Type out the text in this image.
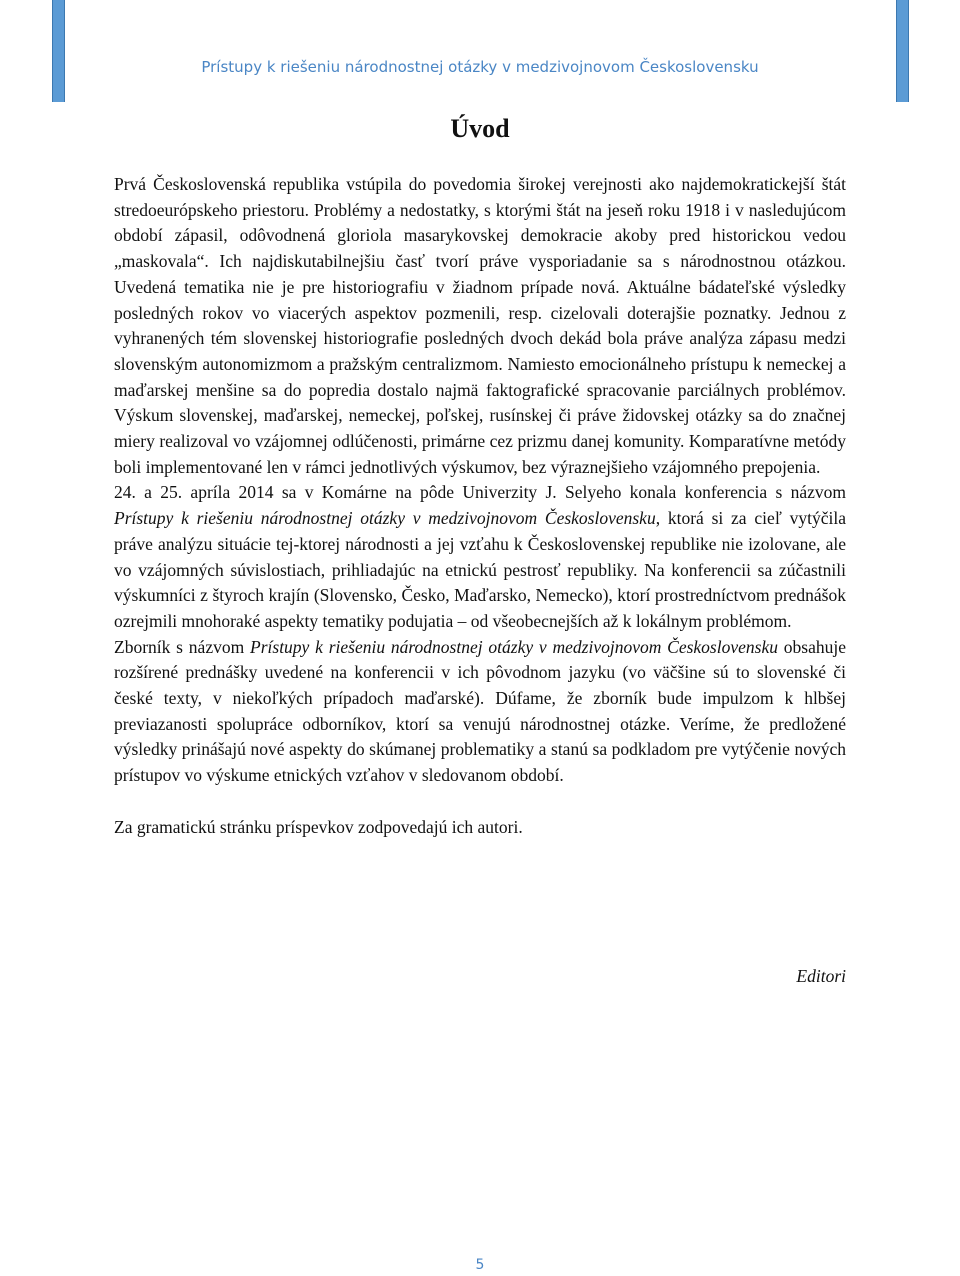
Prístupy k riešeniu národnostnej otázky v medzivojnovom Československu
Úvod

Prvá Československá republika vstúpila do povedomia širokej verejnosti ako najdemokratickejší štát stredoeurópskeho priestoru. Problémy a nedostatky, s ktorými štát na jeseň roku 1918 i v nasledujúcom období zápasil, odôvodnená gloriola masarykovskej demokracie akoby pred historickou vedou „maskovala“. Ich najdiskutabilnejšiu časť tvorí práve vysporiadanie sa s národnostnou otázkou. Uvedená tematika nie je pre historiografiu v žiadnom prípade nová. Aktuálne bádateľské výsledky posledných rokov vo viacerých aspektov pozmenili, resp. cizelovali doterajšie poznatky. Jednou z vyhranených tém slovenskej historiografie posledných dvoch dekád bola práve analýza zápasu medzi slovenským autonomizmom a pražským centralizmom. Namiesto emocionálneho prístupu k nemeckej a maďarskej menšine sa do popredia dostalo najmä faktografické spracovanie parciálnych problémov. Výskum slovenskej, maďarskej, nemeckej, poľskej, rusínskej či práve židovskej otázky sa do značnej miery realizoval vo vzájomnej odlúčenosti, primárne cez prizmu danej komunity. Komparatívne metódy boli implementované len v rámci jednotlivých výskumov, bez výraznejšieho vzájomného prepojenia.

24. a 25. apríla 2014 sa v Komárne na pôde Univerzity J. Selyeho konala konferencia s názvom Prístupy k riešeniu národnostnej otázky v medzivojnovom Československu, ktorá si za cieľ vytýčila práve analýzu situácie tej-ktorej národnosti a jej vzťahu k Československej republike nie izolovane, ale vo vzájomných súvislostiach, prihliadajúc na etnickú pestrosť republiky. Na konferencii sa zúčastnili výskumníci z štyroch krajín (Slovensko, Česko, Maďarsko, Nemecko), ktorí prostredníctvom prednášok ozrejmili mnohoraké aspekty tematiky podujatia – od všeobecnejších až k lokálnym problémom.

Zborník s názvom Prístupy k riešeniu národnostnej otázky v medzivojnovom Československu obsahuje rozšírené prednášky uvedené na konferencii v ich pôvodnom jazyku (vo väčšine sú to slovenské či české texty, v niekoľkých prípadoch maďarské). Dúfame, že zborník bude impulzom k hlbšej previazanosti spolupráce odborníkov, ktorí sa venujú národnostnej otázke. Veríme, že predložené výsledky prinášajú nové aspekty do skúmanej problematiky a stanú sa podkladom pre vytýčenie nových prístupov vo výskume etnických vzťahov v sledovanom období.

Za gramatickú stránku príspevkov zodpovedajú ich autori.

Editori
5
